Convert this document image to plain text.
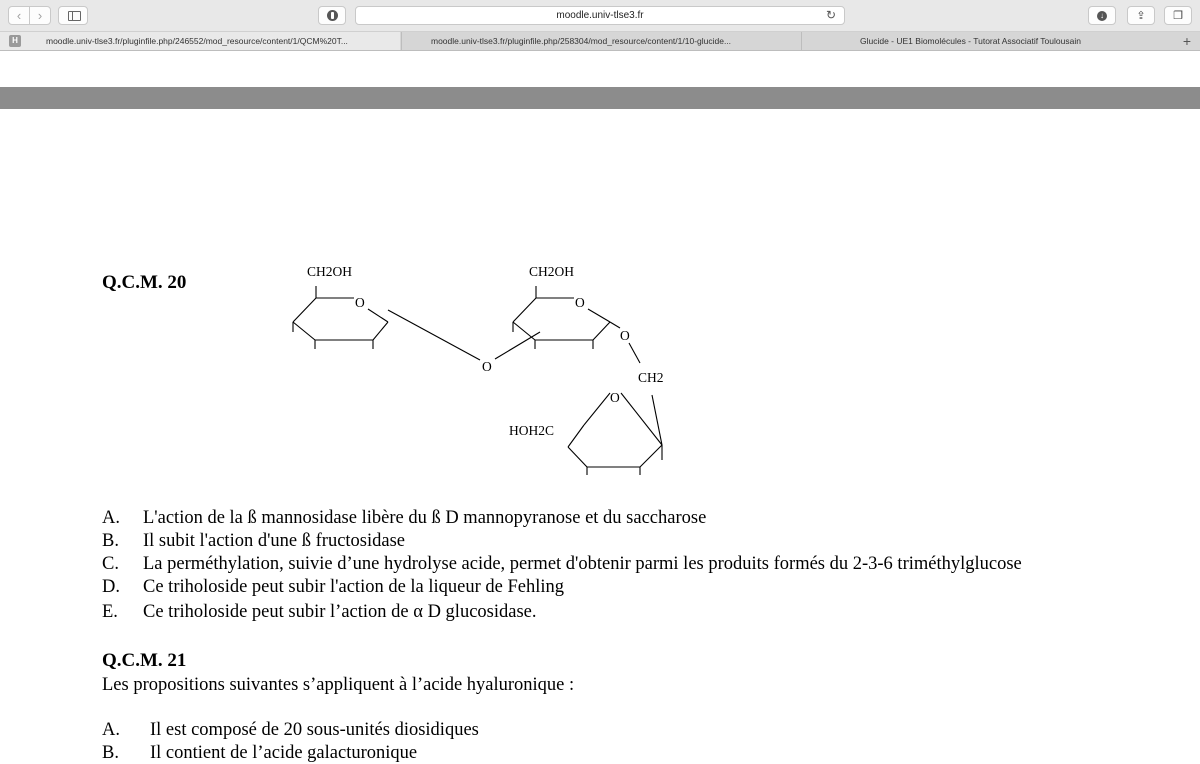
‹ ›	moodle.univ-tlse3.fr	↻	↓	⇪ ❐
H	moodle.univ-tlse3.fr/pluginfile.php/246552/mod_resource/content/1/QCM%20T...	moodle.univ-tlse3.fr/pluginfile.php/258304/mod_resource/content/1/10-glucide...	Glucide - UE1 Biomolécules - Tutorat Associatif Toulousain	+
Q.C.M. 20
CH2OH	CH2OH
O	O
O
O
CH2
O
HOH2C
A. L'action de la ß mannosidase libère du ß D mannopyranose et du saccharose
B. Il subit l'action d'une ß fructosidase
C. La perméthylation, suivie d’une hydrolyse acide, permet d'obtenir parmi les produits formés du 2-3-6 triméthylglucose
D. Ce triholoside peut subir l'action de la liqueur de Fehling
E. Ce triholoside peut subir l’action de α D glucosidase.
Q.C.M. 21
Les propositions suivantes s’appliquent à l’acide hyaluronique :
A. Il est composé de 20 sous-unités diosidiques
B. Il contient de l’acide galacturonique
